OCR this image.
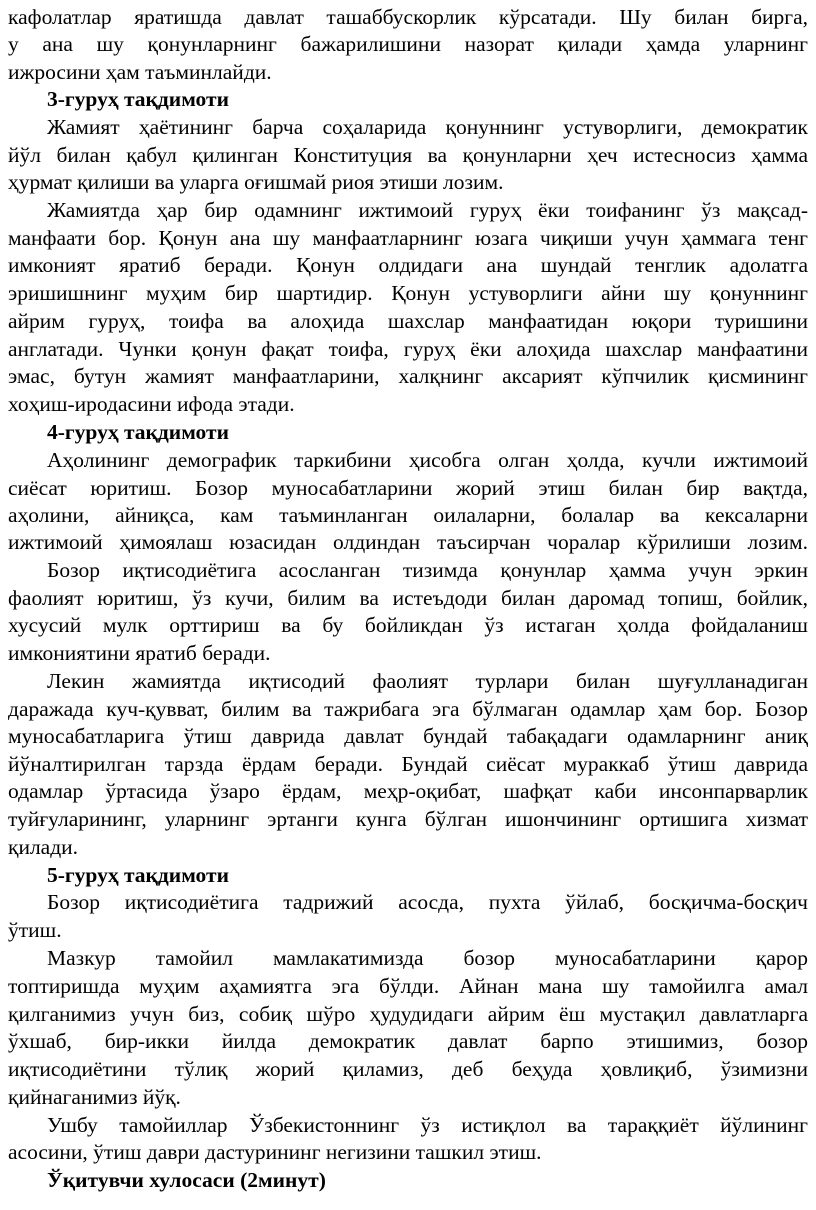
кафолатлар яратишда давлат ташаббускорлик кўрсатади. Шу билан бирга,
у ана шу қонунларнинг бажарилишини назорат қилади ҳамда уларнинг
ижросини ҳам таъминлайди.
3-гуруҳ тақдимоти
Жамият ҳаётининг барча соҳаларида қонуннинг устуворлиги, демократик
йўл билан қабул қилинган Конституция ва қонунларни ҳеч истесносиз ҳамма
ҳурмат қилиши ва уларга оғишмай риоя этиши лозим.
Жамиятда ҳар бир одамнинг ижтимоий гуруҳ ёки тоифанинг ўз мақсад-
манфаати бор. Қонун ана шу манфаатларнинг юзага чиқиши учун ҳаммага тенг
имконият яратиб беради. Қонун олдидаги ана шундай тенглик адолатга
эришишнинг муҳим бир шартидир. Қонун устуворлиги айни шу қонуннинг
айрим гуруҳ, тоифа ва алоҳида шахслар манфаатидан юқори туришини
англатади. Чунки қонун фақат тоифа, гуруҳ ёки алоҳида шахслар манфаатини
эмас, бутун жамият манфаатларини, халқнинг аксарият кўпчилик қисмининг
хоҳиш-иродасини ифода этади.
4-гуруҳ тақдимоти
Аҳолининг демографик таркибини ҳисобга олган ҳолда, кучли ижтимоий
сиёсат юритиш. Бозор муносабатларини жорий этиш билан бир вақтда,
аҳолини, айниқса, кам таъминланган оилаларни, болалар ва кексаларни
ижтимоий ҳимоялаш юзасидан олдиндан таъсирчан чоралар кўрилиши лозим.
Бозор иқтисодиётига асосланган тизимда қонунлар ҳамма учун эркин
фаолият юритиш, ўз кучи, билим ва истеъдоди билан даромад топиш, бойлик,
хусусий мулк орттириш ва бу бойликдан ўз истаган ҳолда фойдаланиш
имкониятини яратиб беради.
Лекин жамиятда иқтисодий фаолият турлари билан шуғулланадиган
даражада куч-қувват, билим ва тажрибага эга бўлмаган одамлар ҳам бор. Бозор
муносабатларига ўтиш даврида давлат бундай табақадаги одамларнинг аниқ
йўналтирилган тарзда ёрдам беради. Бундай сиёсат мураккаб ўтиш даврида
одамлар ўртасида ўзаро ёрдам, меҳр-оқибат, шафқат каби инсонпарварлик
туйғуларининг, уларнинг эртанги кунга бўлган ишончининг ортишига хизмат
қилади.
5-гуруҳ тақдимоти
Бозор иқтисодиётига тадрижий асосда, пухта ўйлаб, босқичма-босқич
ўтиш.
Мазкур тамойил мамлакатимизда бозор муносабатларини қарор
топтиришда муҳим аҳамиятга эга бўлди. Айнан мана шу тамойилга амал
қилганимиз учун биз, собиқ шўро ҳудудидаги айрим ёш мустақил давлатларга
ўхшаб, бир-икки йилда демократик давлат барпо этишимиз, бозор
иқтисодиётини тўлиқ жорий қиламиз, деб беҳуда ҳовлиқиб, ўзимизни
қийнаганимиз йўқ.
Ушбу тамойиллар Ўзбекистоннинг ўз истиқлол ва тараққиёт йўлининг
асосини, ўтиш даври дастурининг негизини ташкил этиш.
Ўқитувчи хулосаси (2минут)
